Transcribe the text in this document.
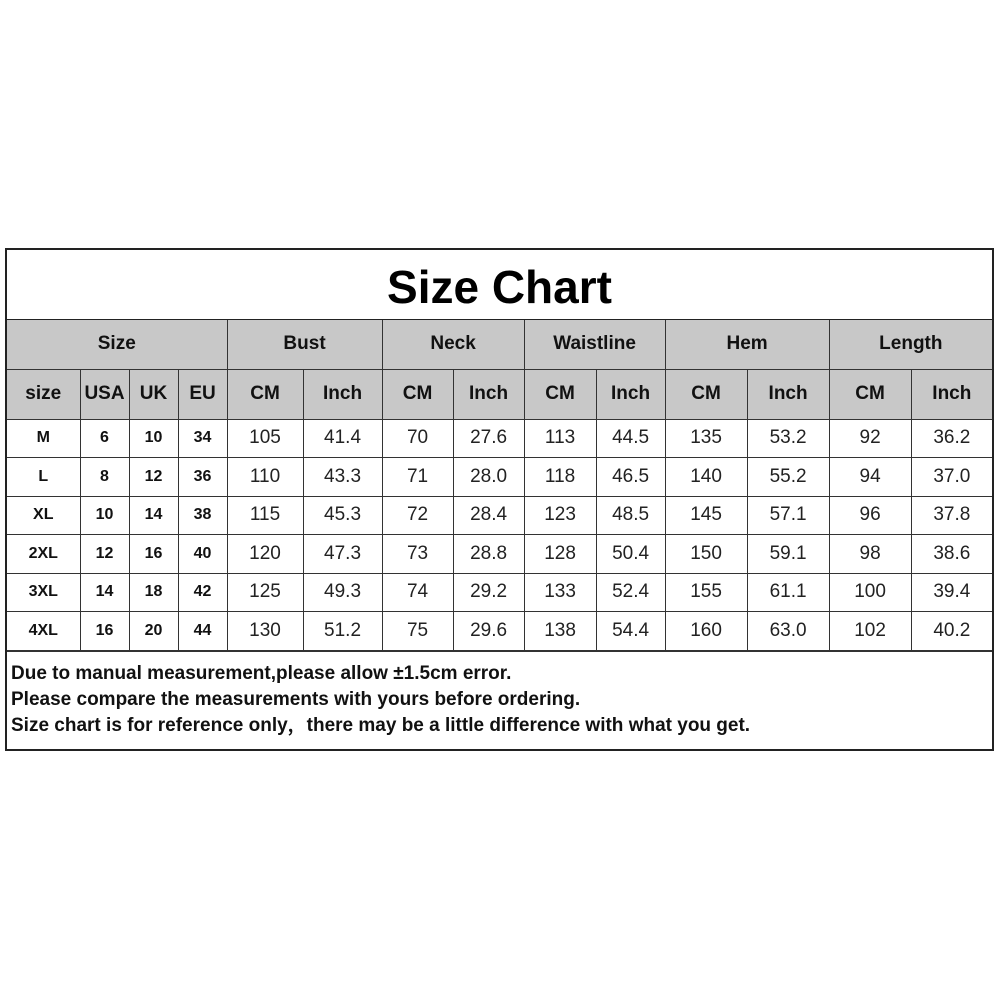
Size Chart
Size				Bust		Neck		Waistline		Hem		Length	
size	USA	UK	EU	CM	Inch	CM	Inch	CM	Inch	CM	Inch	CM	Inch
M	6	10	34	105	41.4	70	27.6	113	44.5	135	53.2	92	36.2
L	8	12	36	110	43.3	71	28.0	118	46.5	140	55.2	94	37.0
XL	10	14	38	115	45.3	72	28.4	123	48.5	145	57.1	96	37.8
2XL	12	16	40	120	47.3	73	28.8	128	50.4	150	59.1	98	38.6
3XL	14	18	42	125	49.3	74	29.2	133	52.4	155	61.1	100	39.4
4XL	16	20	44	130	51.2	75	29.6	138	54.4	160	63.0	102	40.2
Due to manual measurement,please allow ±1.5cm error.
Please compare the measurements with yours before ordering.
Size chart is for reference only，there may be a little difference with what you get.
